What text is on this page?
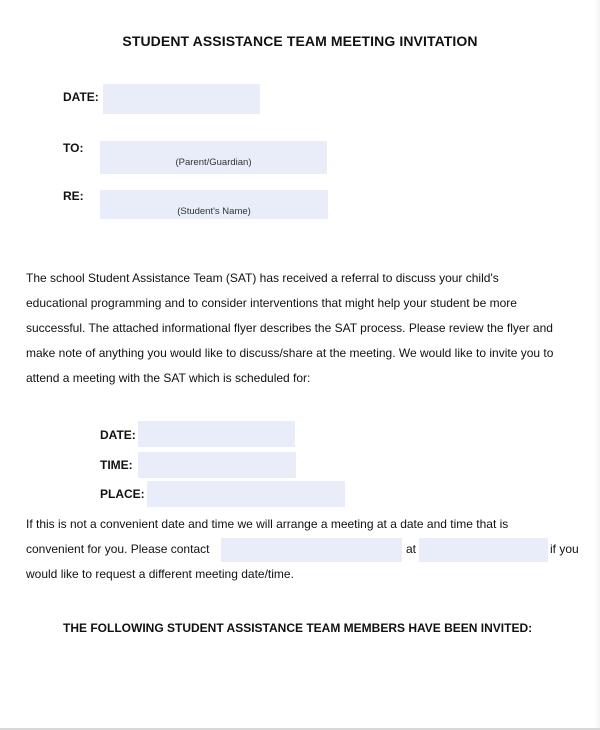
STUDENT ASSISTANCE TEAM MEETING INVITATION
DATE:
TO:
(Parent/Guardian)
RE:
(Student's Name)
The school Student Assistance Team (SAT) has received a referral to discuss your child's
educational programming and to consider interventions that might help your student be more
successful. The attached informational flyer describes the SAT process. Please review the flyer and
make note of anything you would like to discuss/share at the meeting. We would like to invite you to
attend a meeting with the SAT which is scheduled for:
DATE:
TIME:
PLACE:
If this is not a convenient date and time we will arrange a meeting at a date and time that is
convenient for you. Please contact	at	if you
would like to request a different meeting date/time.
THE FOLLOWING STUDENT ASSISTANCE TEAM MEMBERS HAVE BEEN INVITED:
